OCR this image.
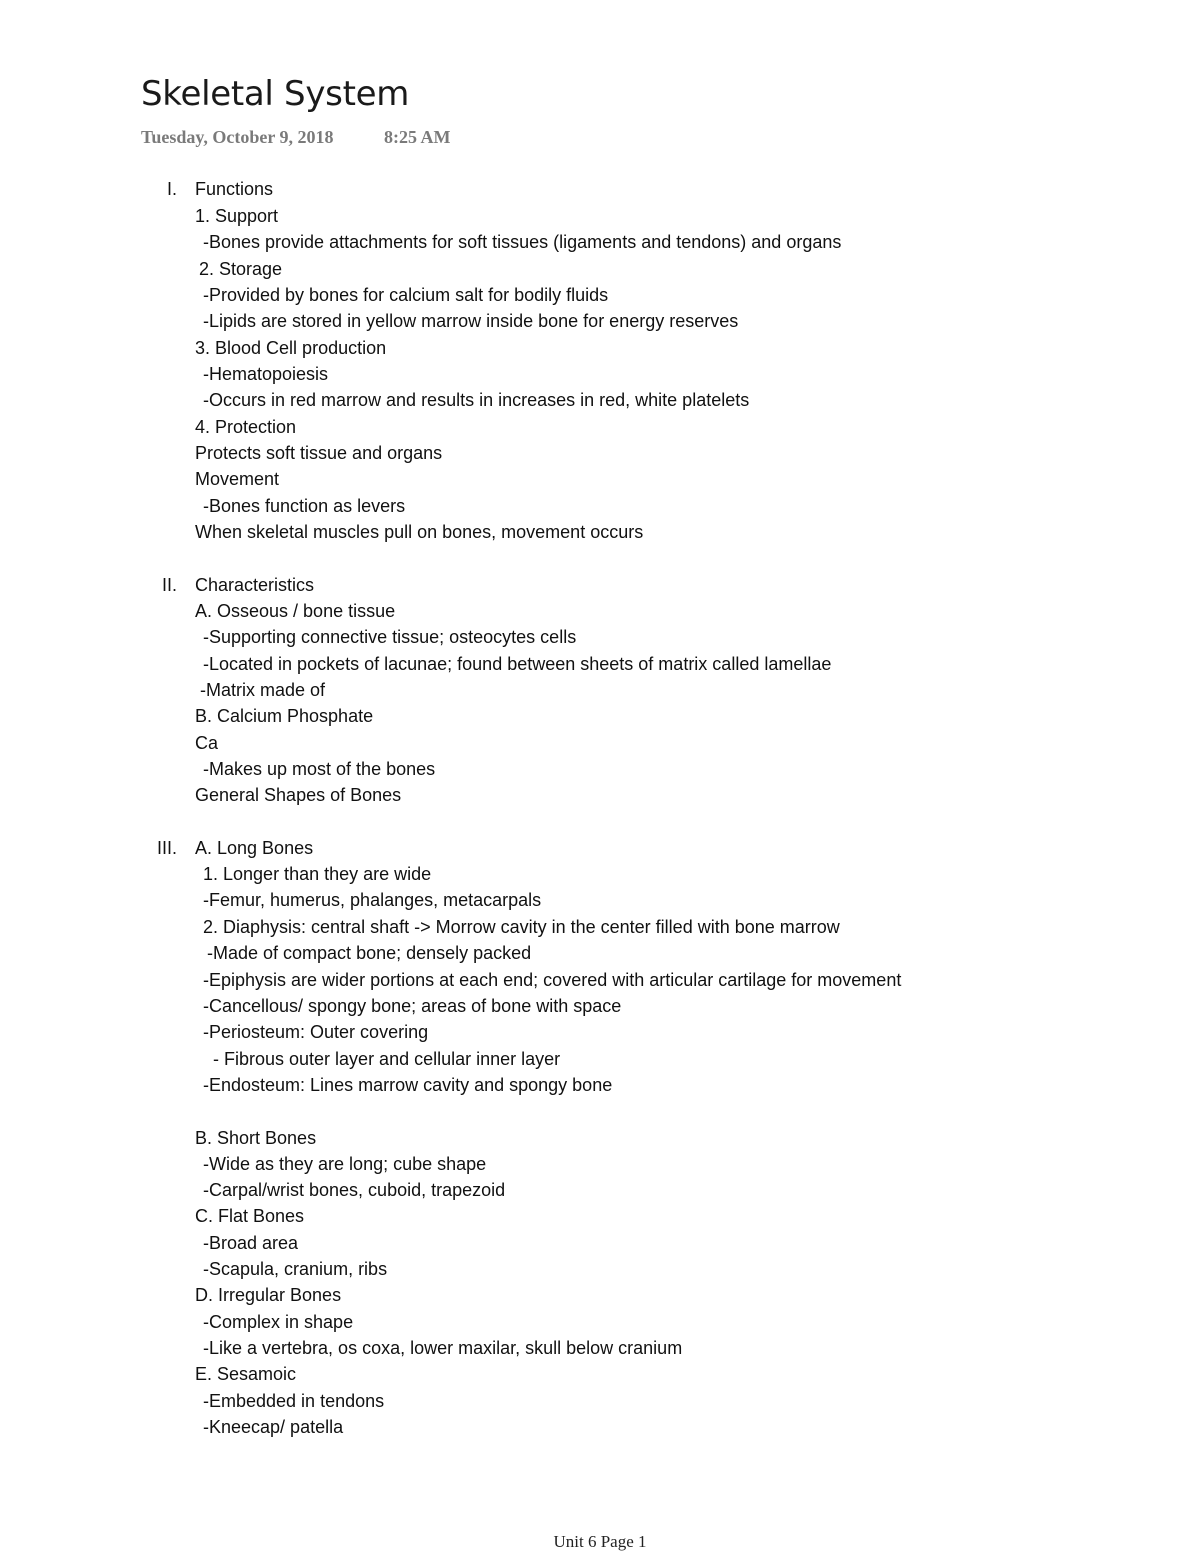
Skeletal System
Tuesday, October 9, 2018	8:25 AM
I. Functions
1. Support
-Bones provide attachments for soft tissues (ligaments and tendons) and organs
2. Storage
-Provided by bones for calcium salt for bodily fluids
-Lipids are stored in yellow marrow inside bone for energy reserves
3. Blood Cell production
-Hematopoiesis
-Occurs in red marrow and results in increases in red, white platelets
4. Protection
Protects soft tissue and organs
Movement
-Bones function as levers
When skeletal muscles pull on bones, movement occurs
II. Characteristics
A. Osseous / bone tissue
-Supporting connective tissue; osteocytes cells
-Located in pockets of lacunae; found between sheets of matrix called lamellae
-Matrix made of
B. Calcium Phosphate
Ca
-Makes up most of the bones
General Shapes of Bones
III. A. Long Bones
1. Longer than they are wide
-Femur, humerus, phalanges, metacarpals
2. Diaphysis: central shaft -> Morrow cavity in the center filled with bone marrow
-Made of compact bone; densely packed
-Epiphysis are wider portions at each end; covered with articular cartilage for movement
-Cancellous/ spongy bone; areas of bone with space
-Periosteum: Outer covering
- Fibrous outer layer and cellular inner layer
-Endosteum: Lines marrow cavity and spongy bone
B. Short Bones
-Wide as they are long; cube shape
-Carpal/wrist bones, cuboid, trapezoid
C. Flat Bones
-Broad area
-Scapula, cranium, ribs
D. Irregular Bones
-Complex in shape
-Like a vertebra, os coxa, lower maxilar, skull below cranium
E. Sesamoic
-Embedded in tendons
-Kneecap/ patella
Unit 6 Page 1
